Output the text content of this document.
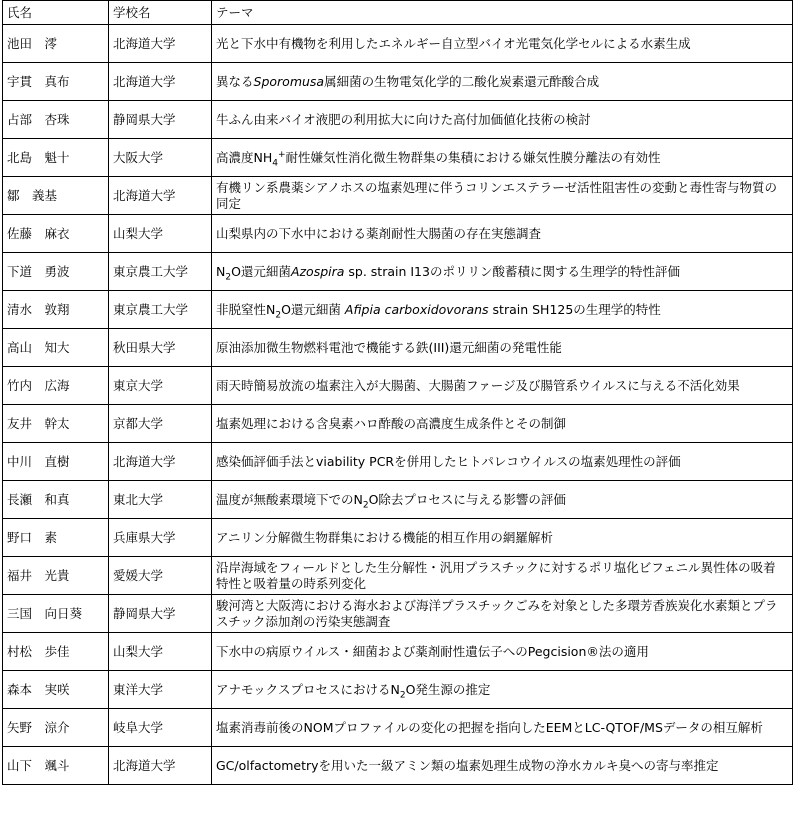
氏名	学校名	テーマ
池田　澪	北海道大学	光と下水中有機物を利用したエネルギー自立型バイオ光電気化学セルによる水素生成
宇貫　真布	北海道大学	異なるSporomusa属細菌の生物電気化学的二酸化炭素還元酢酸合成
占部　杏珠	静岡県大学	牛ふん由来バイオ液肥の利用拡大に向けた高付加価値化技術の検討
北島　魁十	大阪大学	高濃度$NH_4^+$耐性嫌気性消化微生物群集の集積における嫌気性膜分離法の有効性
鄒　義基	北海道大学	有機リン系農薬シアノホスの塩素処理に伴うコリンエステラーゼ活性阻害性の変動と毒性寄与物質の同定
佐藤　麻衣	山梨大学	山梨県内の下水中における薬剤耐性大腸菌の存在実態調査
下道　勇波	東京農工大学	$N_2O$還元細菌Azospira sp. strain I13のポリリン酸蓄積に関する生理学的特性評価
清水　敦翔	東京農工大学	非脱窒性$N_2O$還元細菌 Afipia carboxidovorans strain SH125の生理学的特性
高山　知大	秋田県大学	原油添加微生物燃料電池で機能する鉄(III)還元細菌の発電性能
竹内　広海	東京大学	雨天時簡易放流の塩素注入が大腸菌、大腸菌ファージ及び腸管系ウイルスに与える不活化効果
友井　幹太	京都大学	塩素処理における含臭素ハロ酢酸の高濃度生成条件とその制御
中川　直樹	北海道大学	感染価評価手法とviability PCRを併用したヒトパレコウイルスの塩素処理性の評価
長瀬　和真	東北大学	温度が無酸素環境下での$N_2O$除去プロセスに与える影響の評価
野口　素	兵庫県大学	アニリン分解微生物群集における機能的相互作用の網羅解析
福井　光貴	愛媛大学	沿岸海域をフィールドとした生分解性・汎用プラスチックに対するポリ塩化ビフェニル異性体の吸着特性と吸着量の時系列変化
三国　向日葵	静岡県大学	駿河湾と大阪湾における海水および海洋プラスチックごみを対象とした多環芳香族炭化水素類とプラスチック添加剤の汚染実態調査
村松　歩佳	山梨大学	下水中の病原ウイルス・細菌および薬剤耐性遺伝子へのPegcision®法の適用
森本　実咲	東洋大学	アナモックスプロセスにおける$N_2O$発生源の推定
矢野　涼介	岐阜大学	塩素消毒前後のNOMプロファイルの変化の把握を指向したEEMとLC-QTOF/MSデータの相互解析
山下　颯斗	北海道大学	GC/olfactometryを用いた一級アミン類の塩素処理生成物の浄水カルキ臭への寄与率推定
